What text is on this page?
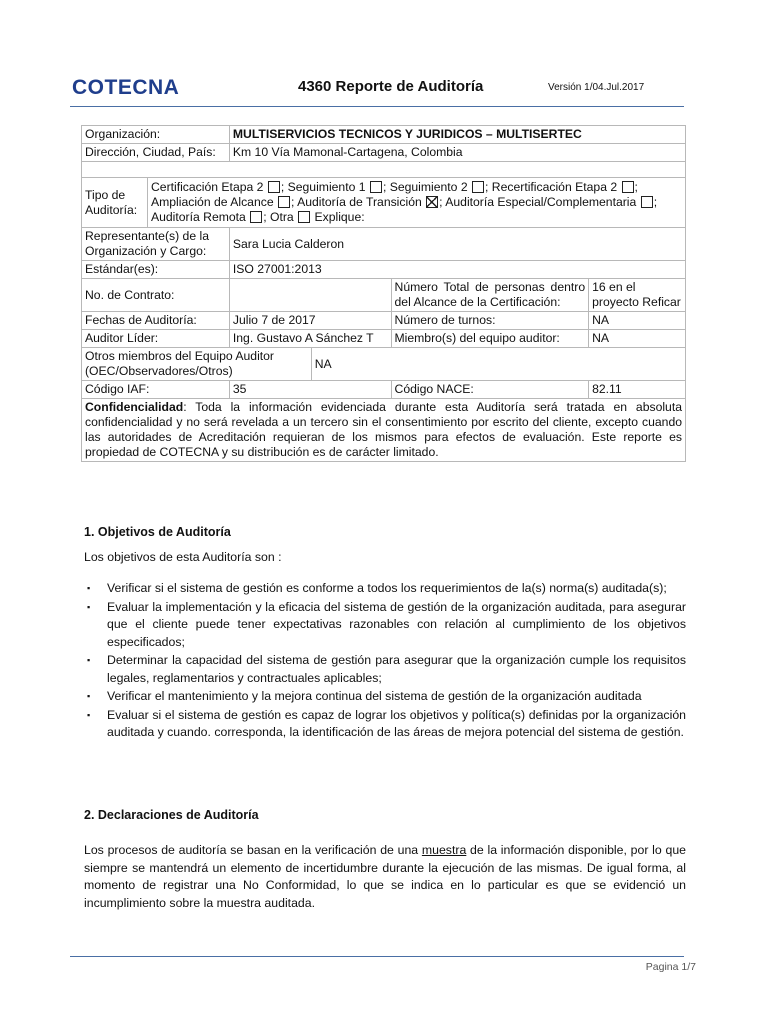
COTECNA	4360 Reporte de Auditoría	Versión 1/04.Jul.2017
Organización:		MULTISERVICIOS TECNICOS Y JURIDICOS – MULTISERTEC			
Dirección, Ciudad, País:		Km 10 Vía Mamonal-Cartagena, Colombia			

Tipo de Auditoría:	Certificación Etapa 2 ; Seguimiento 1 ; Seguimiento 2 ; Recertificación Etapa 2 ;
Ampliación de Alcance ; Auditoría de Transición ; Auditoría Especial/Complementaria ;
Auditoría Remota ; Otra Explique:				
Representante(s) de la Organización y Cargo:		Sara Lucia Calderon			
Estándar(es):		ISO 27001:2013			
No. de Contrato:				Número Total de personas dentro del Alcance de la Certificación:	16 en el proyecto Reficar
Fechas de Auditoría:		Julio 7 de 2017		Número de turnos:	NA
Auditor Líder:		Ing. Gustavo A Sánchez T		Miembro(s) del equipo auditor:	NA
Otros miembros del Equipo Auditor (OEC/Observadores/Otros)			NA		
Código IAF:		35		Código NACE:	82.11
Confidencialidad: Toda la información evidenciada durante esta Auditoría será tratada en absoluta confidencialidad y no será revelada a un tercero sin el consentimiento por escrito del cliente, excepto cuando las autoridades de Acreditación requieran de los mismos para efectos de evaluación. Este reporte es propiedad de COTECNA y su distribución es de carácter limitado.					
1. Objetivos de Auditoría
Los objetivos de esta Auditoría son :
▪ Verificar si el sistema de gestión es conforme a todos los requerimientos de la(s) norma(s) auditada(s);
▪ Evaluar la implementación y la eficacia del sistema de gestión de la organización auditada, para asegurar que el cliente puede tener expectativas razonables con relación al cumplimiento de los objetivos especificados;
▪ Determinar la capacidad del sistema de gestión para asegurar que la organización cumple los requisitos legales, reglamentarios y contractuales aplicables;
▪ Verificar el mantenimiento y la mejora continua del sistema de gestión de la organización auditada
▪ Evaluar si el sistema de gestión es capaz de lograr los objetivos y política(s) definidas por la organización auditada y cuando. corresponda, la identificación de las áreas de mejora potencial del sistema de gestión.
2. Declaraciones de Auditoría
Los procesos de auditoría se basan en la verificación de una muestra de la información disponible, por lo que siempre se mantendrá un elemento de incertidumbre durante la ejecución de las mismas. De igual forma, al momento de registrar una No Conformidad, lo que se indica en lo particular es que se evidenció un incumplimiento sobre la muestra auditada.
Pagina 1/7
